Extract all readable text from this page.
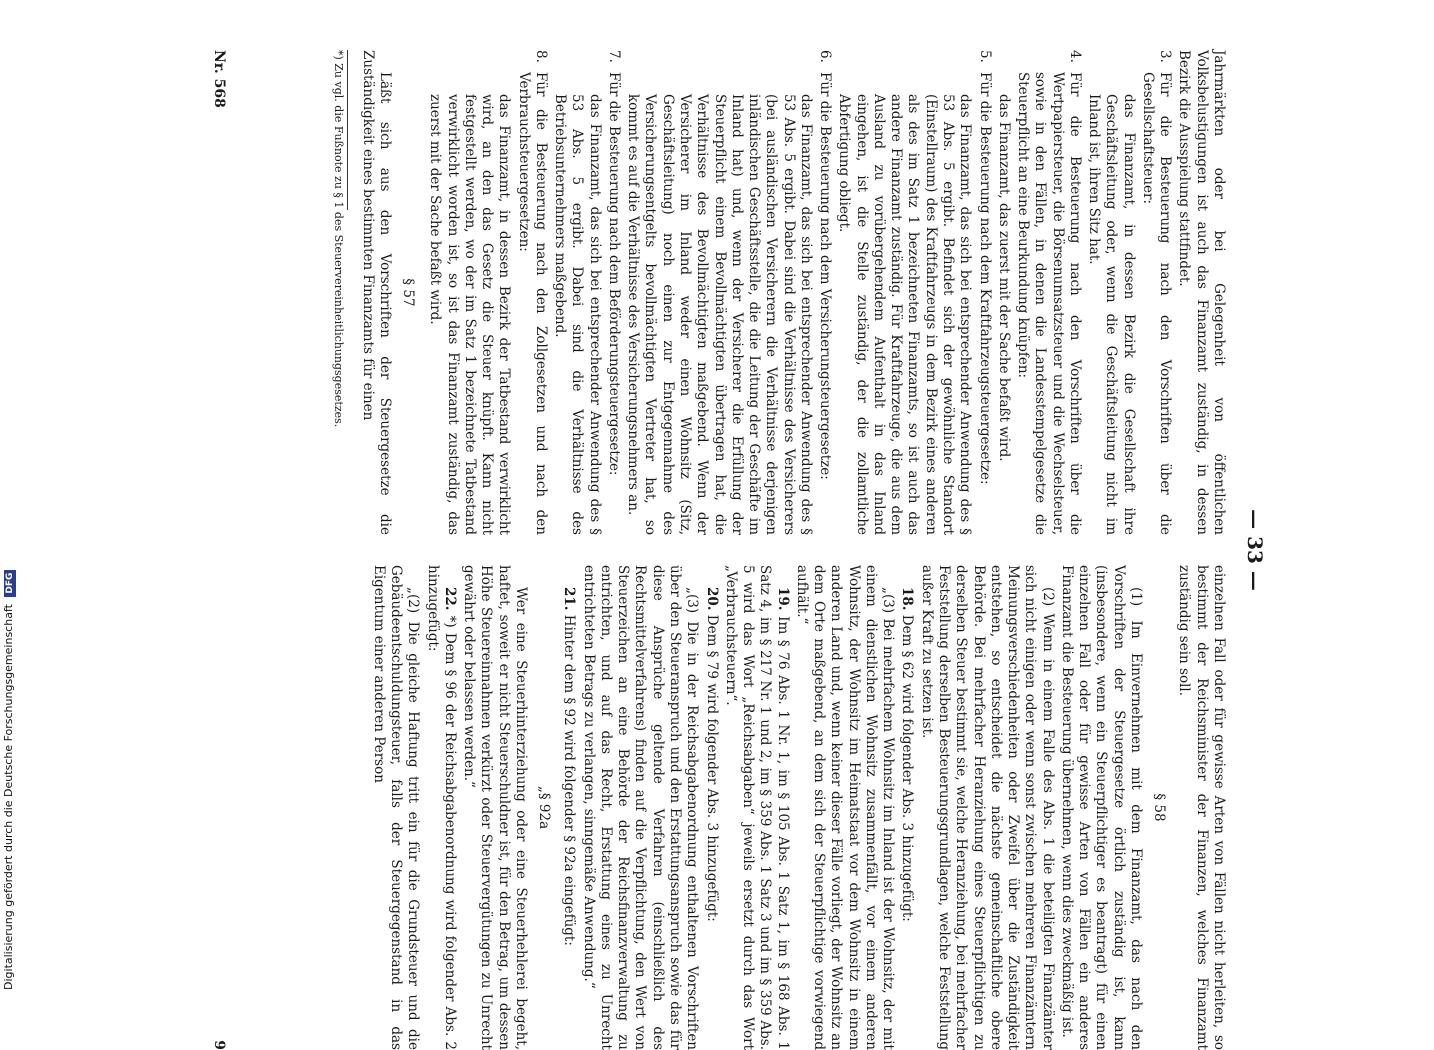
Digitalisierung gefördert durch die Deutsche Forschungsgemeinschaft DFG	— 33 —

Jahrmärkten oder bei Gelegenheit von öffentlichen Volksbelustigungen ist auch das Finanzamt zuständig, in dessen Bezirk die Ausspielung stattfindet.

3.

Für die Besteuerung nach den Vorschriften über die Gesellschaftsteuer:

das Finanzamt, in dessen Bezirk die Gesellschaft ihre Geschäftsleitung oder, wenn die Geschäftsleitung nicht im Inland ist, ihren Sitz hat.

4.

Für die Besteuerung nach den Vorschriften über die Wertpapiersteuer, die Börsenumsatzsteuer und die Wechselsteuer, sowie in den Fällen, in denen die Landesstempelgesetze die Steuerpflicht an eine Beurkundung knüpfen:

das Finanzamt, das zuerst mit der Sache befaßt wird.

5.

Für die Besteuerung nach dem Kraftfahrzeugsteuergesetze:

das Finanzamt, das sich bei entsprechender Anwendung des § 53 Abs. 5 ergibt. Befindet sich der gewöhnliche Standort (Einstellraum) des Kraftfahrzeugs in dem Bezirk eines anderen als des im Satz 1 bezeichneten Finanzamts, so ist auch das andere Finanzamt zuständig. Für Kraftfahrzeuge, die aus dem Ausland zu vorübergehendem Aufenthalt in das Inland eingehen, ist die Stelle zuständig, der die zollamtliche Abfertigung obliegt.

6.

Für die Besteuerung nach dem Versicherungsteuergesetze:

das Finanzamt, das sich bei entsprechender Anwendung des § 53 Abs. 5 ergibt. Dabei sind die Verhältnisse des Versicherers (bei ausländischen Versicherern die Verhältnisse derjenigen inländischen Geschäftsstelle, die die Leitung der Geschäfte im Inland hat) und, wenn der Versicherer die Erfüllung der Steuerpflicht einem Bevollmächtigten übertragen hat, die Verhältnisse des Bevollmächtigten maßgebend. Wenn der Versicherer im Inland weder einen Wohnsitz (Sitz, Geschäftsleitung) noch einen zur Entgegennahme des Versicherungsentgelts bevollmächtigten Vertreter hat, so kommt es auf die Verhältnisse des Versicherungsnehmers an.

7.

Für die Besteuerung nach dem Beförderungsteuergesetze:

das Finanzamt, das sich bei entsprechender Anwendung des § 53 Abs. 5 ergibt. Dabei sind die Verhältnisse des Betriebsunternehmers maßgebend.

8.

Für die Besteuerung nach den Zollgesetzen und nach den Verbrauchsteuergesetzen:

das Finanzamt, in dessen Bezirk der Tatbestand verwirklicht wird, an den das Gesetz die Steuer knüpft. Kann nicht festgestellt werden, wo der im Satz 1 bezeichnete Tatbestand verwirklicht worden ist, so ist das Finanzamt zuständig, das zuerst mit der Sache befaßt wird.

§ 57

Läßt sich aus den Vorschriften der Steuergesetze die Zuständigkeit eines bestimmten Finanzamts für einen

*) Zu vgl. die Fußnote zu § 1 des Steuervereinheitlichungsgesetzes.

einzelnen Fall oder für gewisse Arten von Fällen nicht herleiten, so bestimmt der Reichsminister der Finanzen, welches Finanzamt zuständig sein soll.

§ 58

(1) Im Einvernehmen mit dem Finanzamt, das nach den Vorschriften der Steuergesetze örtlich zuständig ist, kann (insbesondere, wenn ein Steuerpflichtiger es beantragt) für einen einzelnen Fall oder für gewisse Arten von Fällen ein anderes Finanzamt die Besteuerung übernehmen, wenn dies zweckmäßig ist.

(2) Wenn in einem Falle des Abs. 1 die beteiligten Finanzämter sich nicht einigen oder wenn sonst zwischen mehreren Finanzämtern Meinungsverschiedenheiten oder Zweifel über die Zuständigkeit entstehen, so entscheidet die nächste gemeinschaftliche obere Behörde. Bei mehrfacher Heranziehung eines Steuerpflichtigen zu derselben Steuer bestimmt sie, welche Heranziehung, bei mehrfacher Feststellung derselben Besteuerungsgrundlagen, welche Feststellung außer Kraft zu setzen ist.

18. Dem § 62 wird folgender Abs. 3 hinzugefügt:

„(3) Bei mehrfachem Wohnsitz im Inland ist der Wohnsitz, der mit einem dienstlichen Wohnsitz zusammenfällt, vor einem anderen Wohnsitz, der Wohnsitz im Heimatstaat vor dem Wohnsitz in einem anderen Land und, wenn keiner dieser Fälle vorliegt, der Wohnsitz an dem Orte maßgebend, an dem sich der Steuerpflichtige vorwiegend aufhält.“

19. Im § 76 Abs. 1 Nr. 1, im § 105 Abs. 1 Satz 1, im § 168 Abs. 1 Satz 4, im § 217 Nr. 1 und 2, im § 359 Abs. 1 Satz 3 und im § 359 Abs. 5 wird das Wort „Reichsabgaben“ jeweils ersetzt durch das Wort „Verbrauchsteuern“.

20. Dem § 79 wird folgender Abs. 3 hinzugefügt:

„(3) Die in der Reichsabgabenordnung enthaltenen Vorschriften über den Steueranspruch und den Erstattungsanspruch sowie das für diese Ansprüche geltende Verfahren (einschließlich des Rechtsmittelverfahrens) finden auf die Verpflichtung, den Wert von Steuerzeichen an eine Behörde der Reichsfinanzverwaltung zu entrichten, und auf das Recht, Erstattung eines zu Unrecht entrichteten Betrags zu verlangen, sinngemäße Anwendung.“

21. Hinter dem § 92 wird folgender § 92a eingefügt:

„§ 92a

Wer eine Steuerhinterziehung oder eine Steuerhehlerei begeht, haftet, soweit er nicht Steuerschuldner ist, für den Betrag, um dessen Höhe Steuereinnahmen verkürzt oder Steuervergütungen zu Unrecht gewährt oder belassen werden.“

22. *) Dem § 96 der Reichsabgabenordnung wird folgender Abs. 2 hinzugefügt:

„(2) Die gleiche Haftung tritt ein für die Grundsteuer und die Gebäudeentschuldungsteuer, falls der Steuergegenstand in das Eigentum einer anderen Person

Nr. 568
9
